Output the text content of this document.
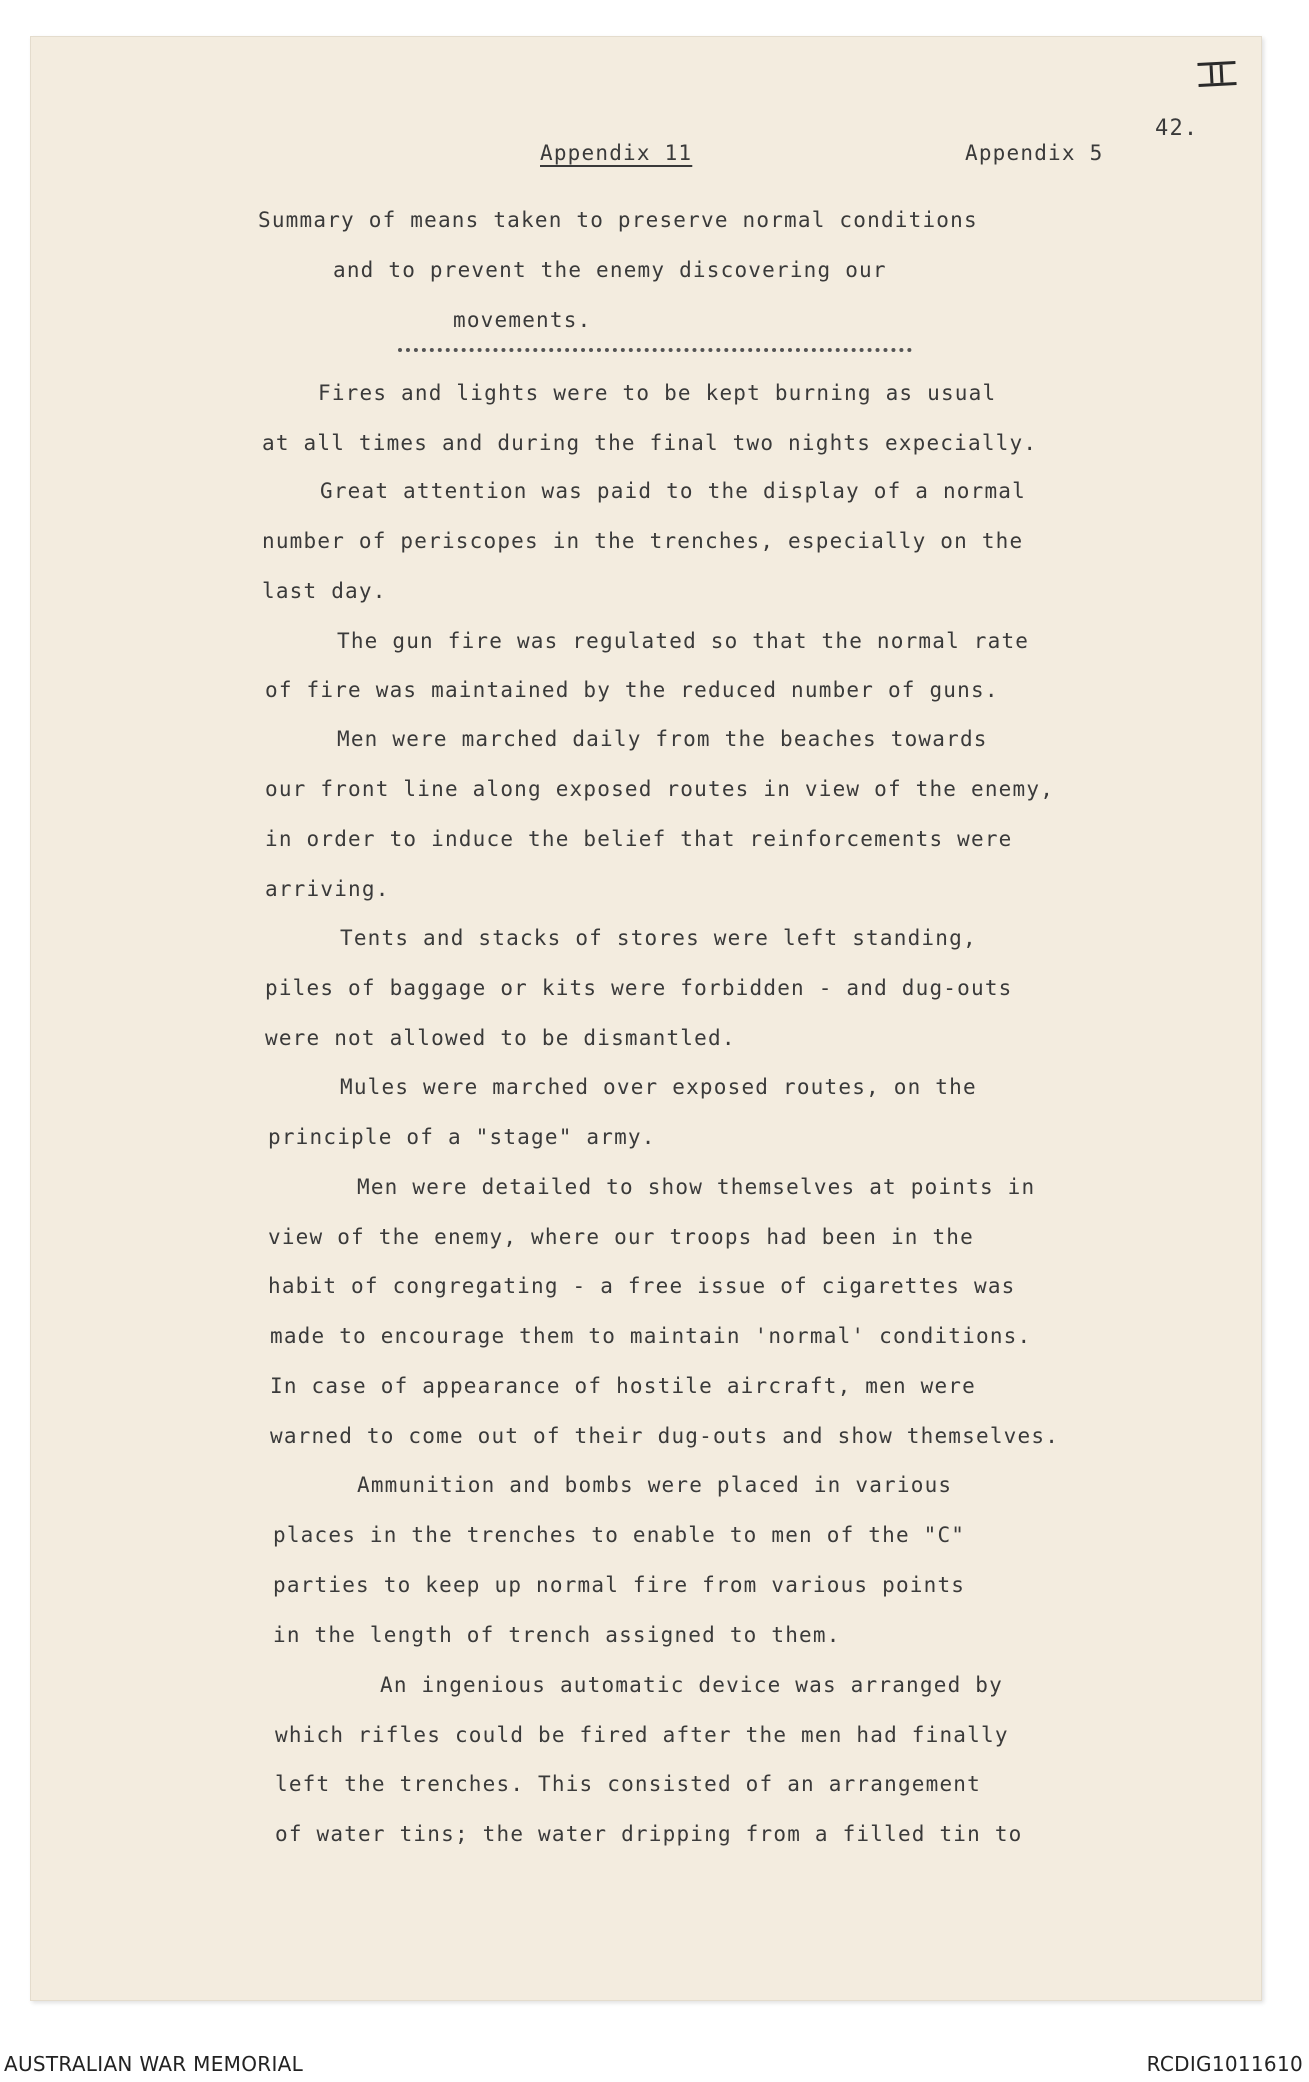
42.
Appendix 11	Appendix 5
Summary of means taken to preserve normal conditions
and to prevent the enemy discovering our
movements.
Fires and lights were to be kept burning as usual
at all times and during the final two nights expecially.
Great attention was paid to the display of a normal
number of periscopes in the trenches, especially on the
last day.
The gun fire was regulated so that the normal rate
of fire was maintained by the reduced number of guns.
Men were marched daily from the beaches towards
our front line along exposed routes in view of the enemy,
in order to induce the belief that reinforcements were
arriving.
Tents and stacks of stores were left standing,
piles of baggage or kits were forbidden - and dug-outs
were not allowed to be dismantled.
Mules were marched over exposed routes, on the
principle of a "stage" army.
Men were detailed to show themselves at points in
view of the enemy, where our troops had been in the
habit of congregating - a free issue of cigarettes was
made to encourage them to maintain 'normal' conditions.
In case of appearance of hostile aircraft, men were
warned to come out of their dug-outs and show themselves.
Ammunition and bombs were placed in various
places in the trenches to enable to men of the "C"
parties to keep up normal fire from various points
in the length of trench assigned to them.
An ingenious automatic device was arranged by
which rifles could be fired after the men had finally
left the trenches. This consisted of an arrangement
of water tins; the water dripping from a filled tin to
AUSTRALIAN WAR MEMORIAL	RCDIG1011610
